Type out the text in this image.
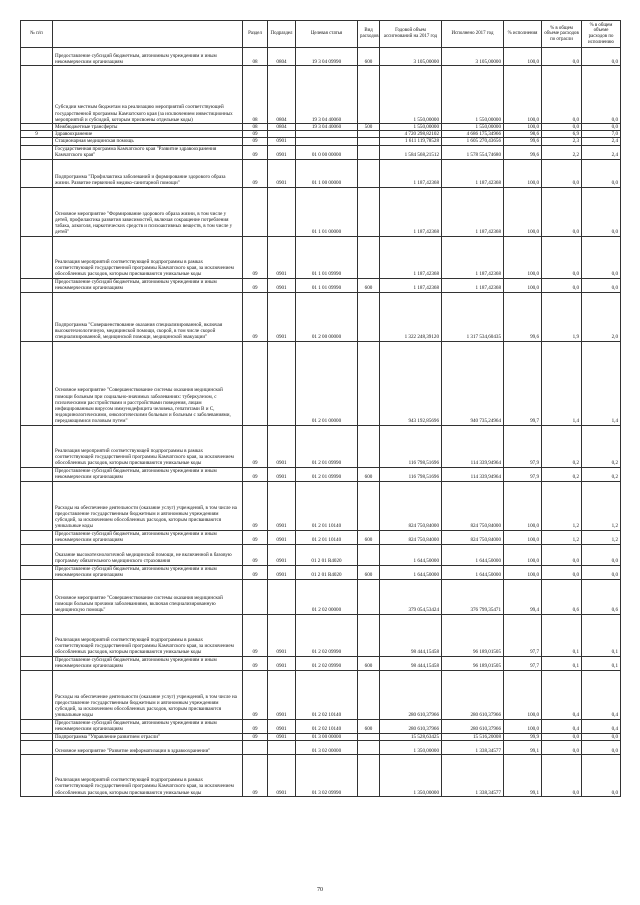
№ п/п		Раздел	Подраздел	Целевая статья	Вид расходов	Годовой объем ассигнований на 2017 год	Исполнено 2017 год	% исполнения	% в общем объеме расходов по отрасли	% в общем объеме расходов по исполнению
	Предоставление субсидий бюджетным, автономным учреждениям и иным некоммерческим организациям	08	0804	19 3 04 09990	600	3 105,00000	3 105,00000	100,0	0,0	0,0
	Субсидии местным бюджетам на реализацию мероприятий соответствующей государственной программы Камчатского края (за исключением инвестиционных мероприятий и субсидий, которым присвоены отдельные коды)	08	0804	19 3 04 40060		1 550,00000	1 550,00000	100,0	0,0	0,0
	Межбюджетные трансферты	08	0804	19 3 04 40060	500	1 550,00000	1 550,00000	100,0	0,0	0,0
9	Здравоохранение	09				4 720 298,82102	4 686 175,34966	98,6	6,9	7,0
	Стационарная медицинская помощь	09	0901			1 611 119,78528	1 605 270,43656	99,6	2,3	2,4
	Государственная программа Камчатского края "Развитие здравоохранения Камчатского края"	09	0901	01 0 00 00000		1 584 568,21512	1 578 554,74680	99,6	2,2	2,4
	Подпрограмма "Профилактика заболеваний и формирование здорового образа жизни. Развитие первичной медико-санитарной помощи"	09	0901	01 1 00 00000		1 187,42368	1 187,42368	100,0	0,0	0,0
	Основное мероприятие "Формирование здорового образа жизни, в том числе у детей, профилактика развития зависимостей, включая сокращение потребления табака, алкоголя, наркотических средств и психоактивных веществ, в том числе у детей"			01 1 01 00000		1 187,42368	1 187,42368	100,0	0,0	0,0
	Реализация мероприятий соответствующей подпрограммы в рамках соответствующей государственной программы Камчатского края, за исключением обособленных расходов, которым присваиваются уникальные коды	09	0901	01 1 01 09990		1 187,42368	1 187,42368	100,0	0,0	0,0
	Предоставление субсидий бюджетным, автономным учреждениям и иным некоммерческим организациям	09	0901	01 1 01 09990	600	1 187,42368	1 187,42368	100,0	0,0	0,0
	Подпрограмма "Совершенствование оказания специализированной, включая высокотехнологичную, медицинской помощи, скорой, в том числе скорой специализированной, медицинской помощи, медицинской эвакуации"	09	0901	01 2 00 00000		1 322 248,39120	1 317 534,60435	99,6	1,9	2,0
	Основное мероприятие "Совершенствование системы оказания медицинской помощи больным при социально-значимых заболеваниях: туберкулезом, с психическими расстройствами и расстройствами поведения, лицам инфицированным вирусом иммунодефицита человека, гепатитами B и C, эндокринологическими, онкологическими больным и больным с заболеваниями, передающимися половым путем"			01 2 01 00000		943 192,85696	940 735,24964	99,7	1,4	1,4
	Реализация мероприятий соответствующей подпрограммы в рамках соответствующей государственной программы Камчатского края, за исключением обособленных расходов, которым присваиваются уникальные коды	09	0901	01 2 01 09990		116 798,51696	114 339,94964	97,9	0,2	0,2
	Предоставление субсидий бюджетным, автономным учреждениям и иным некоммерческим организациям	09	0901	01 2 01 09990	600	116 798,51696	114 339,94964	97,9	0,2	0,2
	Расходы на обеспечение деятельности (оказание услуг) учреждений, в том числе на предоставление государственным бюджетным и автономным учреждениям субсидий, за исключением обособленных расходов, которым присваиваются уникальные коды	09	0901	01 2 01 10140		824 750,84000	824 750,84000	100,0	1,2	1,2
	Предоставление субсидий бюджетным, автономным учреждениям и иным некоммерческим организациям	09	0901	01 2 01 10140	600	824 750,84000	824 750,84000	100,0	1,2	1,2
	Оказание высокотехнологичной медицинской помощи, не включенной в базовую программу обязательного медицинского страхования	09	0901	01 2 01 R4020		1 644,50000	1 644,50000	100,0	0,0	0,0
	Предоставление субсидий бюджетным, автономным учреждениям и иным некоммерческим организациям	09	0901	01 2 01 R4020	600	1 644,50000	1 644,50000	100,0	0,0	0,0
	Основное мероприятие "Совершенствование системы оказания медицинской помощи больным прочими заболеваниями, включая специализированную медицинскую помощь"			01 2 02 00000		379 054,53424	376 799,35471	99,4	0,6	0,6
	Реализация мероприятий соответствующей подпрограммы в рамках соответствующей государственной программы Камчатского края, за исключением обособленных расходов, которым присваиваются уникальные коды	09	0901	01 2 02 09990		98 444,15458	96 189,01505	97,7	0,1	0,1
	Предоставление субсидий бюджетным, автономным учреждениям и иным некоммерческим организациям	09	0901	01 2 02 09990	600	98 444,15458	96 189,01505	97,7	0,1	0,1
	Расходы на обеспечение деятельности (оказание услуг) учреждений, в том числе на предоставление государственным бюджетным и автономным учреждениям субсидий, за исключением обособленных расходов, которым присваиваются уникальные коды	09	0901	01 2 02 10140		280 610,37966	280 610,37966	100,0	0,4	0,4
	Предоставление субсидий бюджетным, автономным учреждениям и иным некоммерческим организациям	09	0901	01 2 02 10140	600	280 610,37966	280 610,37966	100,0	0,4	0,4
	Подпрограмма "Управление развитием отрасли"	09	0901	01 3 00 00000		15 528,63425	15 516,20008	99,9	0,0	0,0
	Основное мероприятие "Развитие информатизации в здравоохранении"			01 3 02 00000		1 350,00000	1 338,34577	99,1	0,0	0,0
	Реализация мероприятий соответствующей подпрограммы в рамках соответствующей государственной программы Камчатского края, за исключением обособленных расходов, которым присваиваются уникальные коды	09	0901	01 3 02 09990		1 350,00000	1 338,34577	99,1	0,0	0,0
70
